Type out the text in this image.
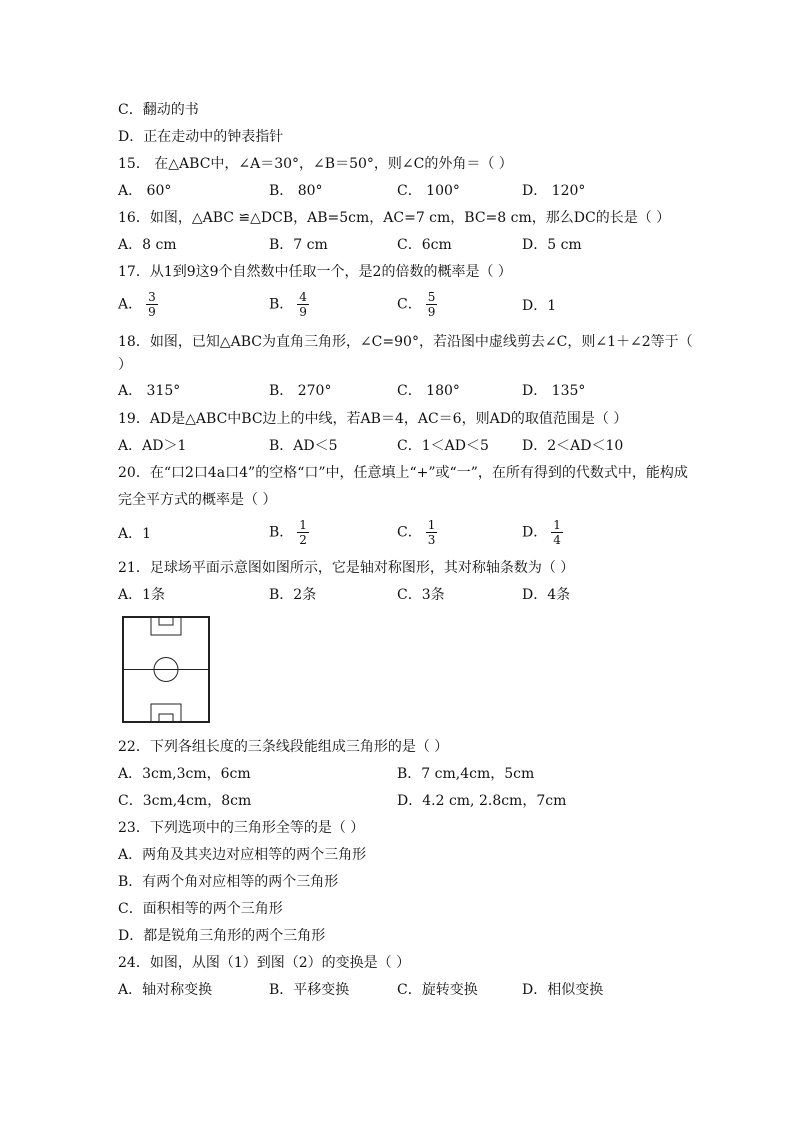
C．翻动的书
D．正在走动中的钟表指针
15． 在△ABC中，∠A＝30°，∠B＝50°，则∠C的外角＝（ ）
A． 60°	B． 80°	C． 100°	D． 120°
16．如图，△ABC ≌△DCB，AB=5cm，AC=7 cm，BC=8 cm，那么DC的长是（ ）
A．8 cm	B．7 cm	C．6cm	D．5 cm
17．从1到9这9个自然数中任取一个，是2的倍数的概率是（ ）
A． $\frac{3}{9}$	B． $\frac{4}{9}$	C． $\frac{5}{9}$	D．1
18．如图，已知△ABC为直角三角形，∠C=90°，若沿图中虚线剪去∠C，则∠1＋∠2等于（
）
A． 315°	B． 270°	C． 180°	D． 135°
19．AD是△ABC中BC边上的中线，若AB＝4，AC＝6，则AD的取值范围是（ ）
A．AD＞1	B．AD＜5	C．1＜AD＜5 D．2＜AD＜10
20．在“口2口4a口4”的空格“口”中，任意填上“+”或“一”，在所有得到的代数式中，能构成
完全平方式的概率是（ ）
A．1	B． $\frac{1}{2}$	C． $\frac{1}{3}$	D． $\frac{1}{4}$
21．足球场平面示意图如图所示，它是轴对称图形，其对称轴条数为（ ）
A．1条	B．2条	C．3条	D．4条
22．下列各组长度的三条线段能组成三角形的是（ ）
A．3cm,3cm，6cm	B．7 cm,4cm，5cm
C．3cm,4cm，8cm	D．4.2 cm, 2.8cm，7cm
23．下列选项中的三角形全等的是（ ）
A．两角及其夹边对应相等的两个三角形
B．有两个角对应相等的两个三角形
C．面积相等的两个三角形
D．都是锐角三角形的两个三角形
24．如图，从图（1）到图（2）的变换是（ ）
A．轴对称变换	B．平移变换	C．旋转变换	D．相似变换
